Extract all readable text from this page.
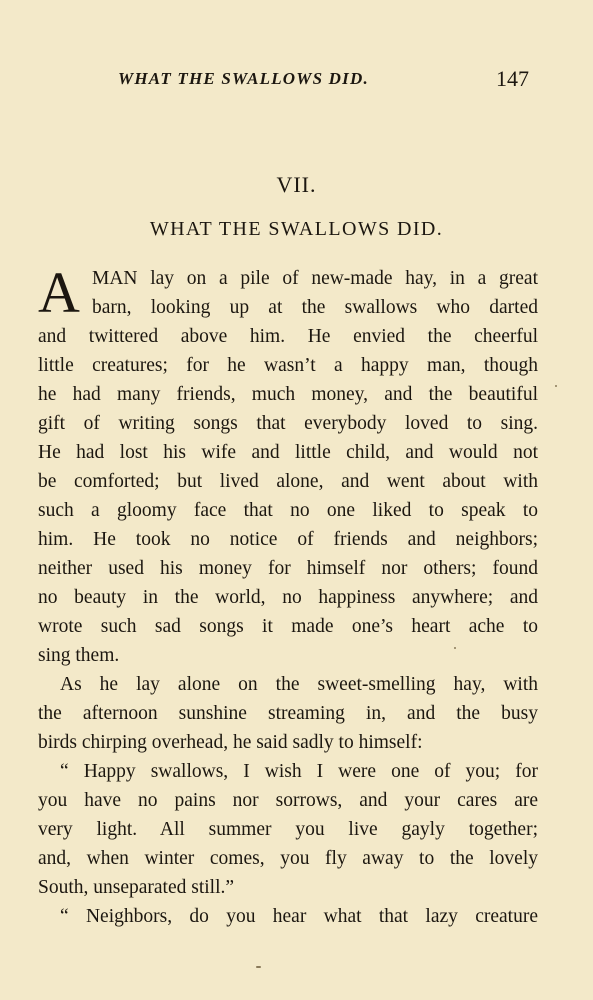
WHAT THE SWALLOWS DID.	147
VII.
WHAT THE SWALLOWS DID.
A MAN lay on a pile of new-made hay, in a great
barn, looking up at the swallows who darted
and twittered above him. He envied the cheerful
little creatures; for he wasn’t a happy man, though
he had many friends, much money, and the beautiful
gift of writing songs that everybody loved to sing.
He had lost his wife and little child, and would not
be comforted; but lived alone, and went about with
such a gloomy face that no one liked to speak to
him. He took no notice of friends and neighbors;
neither used his money for himself nor others; found
no beauty in the world, no happiness anywhere; and
wrote such sad songs it made one’s heart ache to
sing them.
As he lay alone on the sweet-smelling hay, with
the afternoon sunshine streaming in, and the busy
birds chirping overhead, he said sadly to himself:
“ Happy swallows, I wish I were one of you; for
you have no pains nor sorrows, and your cares are
very light. All summer you live gayly together;
and, when winter comes, you fly away to the lovely
South, unseparated still.”
“ Neighbors, do you hear what that lazy creature
